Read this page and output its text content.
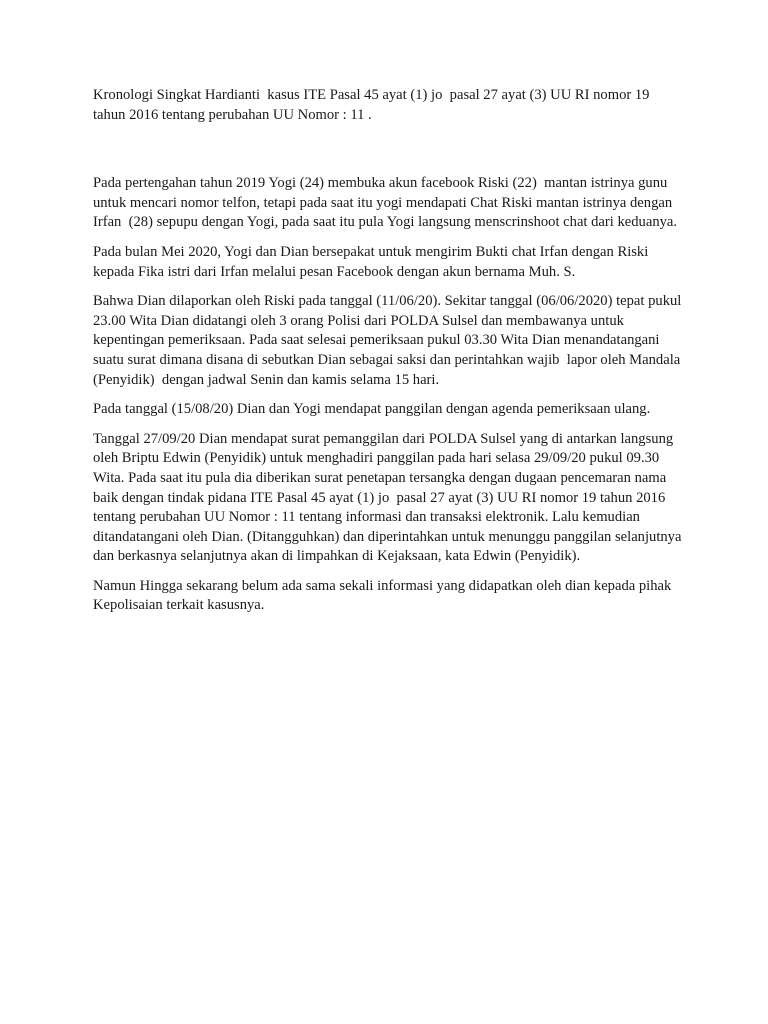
Kronologi Singkat Hardianti  kasus ITE Pasal 45 ayat (1) jo  pasal 27 ayat (3) UU RI nomor 19 tahun 2016 tentang perubahan UU Nomor : 11 .

Pada pertengahan tahun 2019 Yogi (24) membuka akun facebook Riski (22)  mantan istrinya gunu untuk mencari nomor telfon, tetapi pada saat itu yogi mendapati Chat Riski mantan istrinya dengan Irfan  (28) sepupu dengan Yogi, pada saat itu pula Yogi langsung menscrinshoot chat dari keduanya.

Pada bulan Mei 2020, Yogi dan Dian bersepakat untuk mengirim Bukti chat Irfan dengan Riski kepada Fika istri dari Irfan melalui pesan Facebook dengan akun bernama Muh. S.

Bahwa Dian dilaporkan oleh Riski pada tanggal (11/06/20). Sekitar tanggal (06/06/2020) tepat pukul 23.00 Wita Dian didatangi oleh 3 orang Polisi dari POLDA Sulsel dan membawanya untuk kepentingan pemeriksaan. Pada saat selesai pemeriksaan pukul 03.30 Wita Dian menandatangani suatu surat dimana disana di sebutkan Dian sebagai saksi dan perintahkan wajib  lapor oleh Mandala (Penyidik)  dengan jadwal Senin dan kamis selama 15 hari.

Pada tanggal (15/08/20) Dian dan Yogi mendapat panggilan dengan agenda pemeriksaan ulang.

Tanggal 27/09/20 Dian mendapat surat pemanggilan dari POLDA Sulsel yang di antarkan langsung oleh Briptu Edwin (Penyidik) untuk menghadiri panggilan pada hari selasa 29/09/20 pukul 09.30 Wita. Pada saat itu pula dia diberikan surat penetapan tersangka dengan dugaan pencemaran nama baik dengan tindak pidana ITE Pasal 45 ayat (1) jo  pasal 27 ayat (3) UU RI nomor 19 tahun 2016 tentang perubahan UU Nomor : 11 tentang informasi dan transaksi elektronik. Lalu kemudian ditandatangani oleh Dian. (Ditangguhkan) dan diperintahkan untuk menunggu panggilan selanjutnya dan berkasnya selanjutnya akan di limpahkan di Kejaksaan, kata Edwin (Penyidik).

Namun Hingga sekarang belum ada sama sekali informasi yang didapatkan oleh dian kepada pihak Kepolisaian terkait kasusnya.
